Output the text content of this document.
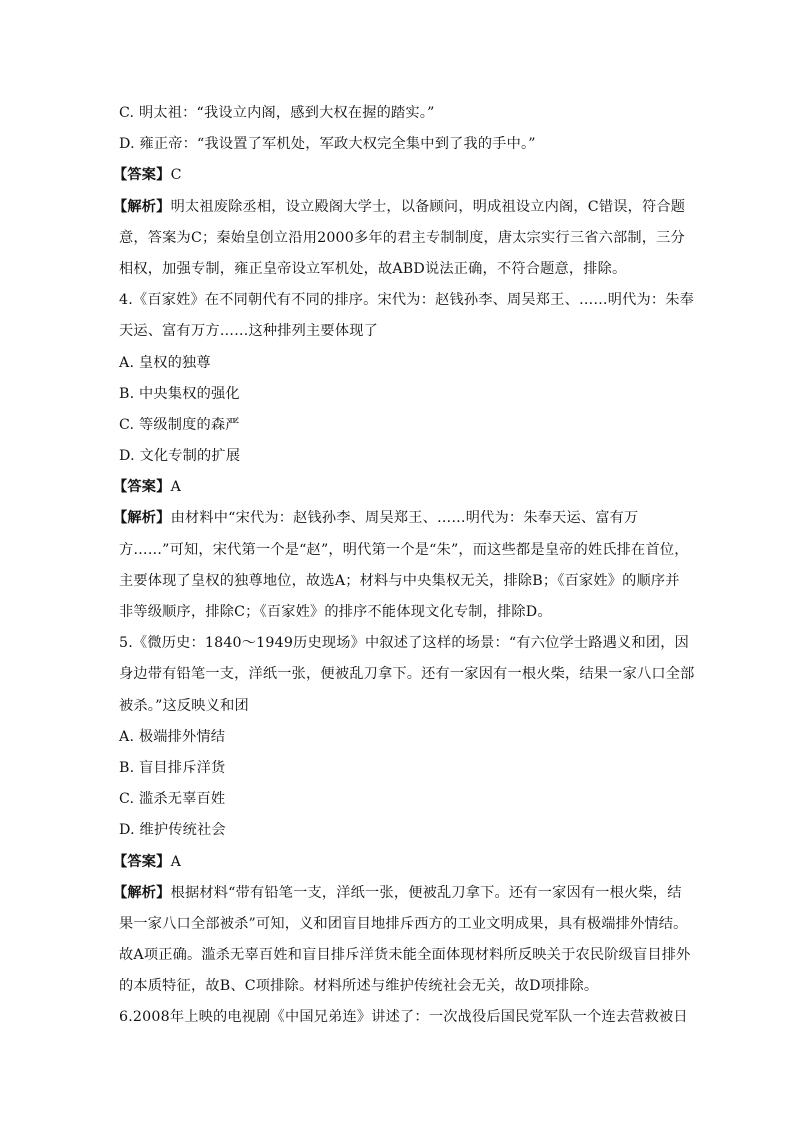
C. 明太祖：“我设立内阁，感到大权在握的踏实。”
D. 雍正帝：“我设置了军机处，军政大权完全集中到了我的手中。”
【答案】C
【解析】明太祖废除丞相，设立殿阁大学士，以备顾问，明成祖设立内阁，C错误，符合题
意，答案为C；秦始皇创立沿用2000多年的君主专制制度，唐太宗实行三省六部制，三分
相权，加强专制，雍正皇帝设立军机处，故ABD说法正确，不符合题意，排除。
4.《百家姓》在不同朝代有不同的排序。宋代为：赵钱孙李、周吴郑王、……明代为：朱奉
天运、富有万方……这种排列主要体现了
A. 皇权的独尊
B. 中央集权的强化
C. 等级制度的森严
D. 文化专制的扩展
【答案】A
【解析】由材料中“宋代为：赵钱孙李、周吴郑王、……明代为：朱奉天运、富有万
方……”可知，宋代第一个是“赵”，明代第一个是“朱”，而这些都是皇帝的姓氏排在首位，
主要体现了皇权的独尊地位，故选A；材料与中央集权无关，排除B；《百家姓》的顺序并
非等级顺序，排除C；《百家姓》的排序不能体现文化专制，排除D。
5.《微历史：1840～1949历史现场》中叙述了这样的场景：“有六位学士路遇义和团，因
身边带有铅笔一支，洋纸一张，便被乱刀拿下。还有一家因有一根火柴，结果一家八口全部
被杀。”这反映义和团
A. 极端排外情结
B. 盲目排斥洋货
C. 滥杀无辜百姓
D. 维护传统社会
【答案】A
【解析】根据材料“带有铅笔一支，洋纸一张，便被乱刀拿下。还有一家因有一根火柴，结
果一家八口全部被杀”可知，义和团盲目地排斥西方的工业文明成果，具有极端排外情结。
故A项正确。滥杀无辜百姓和盲目排斥洋货未能全面体现材料所反映关于农民阶级盲目排外
的本质特征，故B、C项排除。材料所述与维护传统社会无关，故D项排除。
6.2008年上映的电视剧《中国兄弟连》讲述了：一次战役后国民党军队一个连去营救被日
